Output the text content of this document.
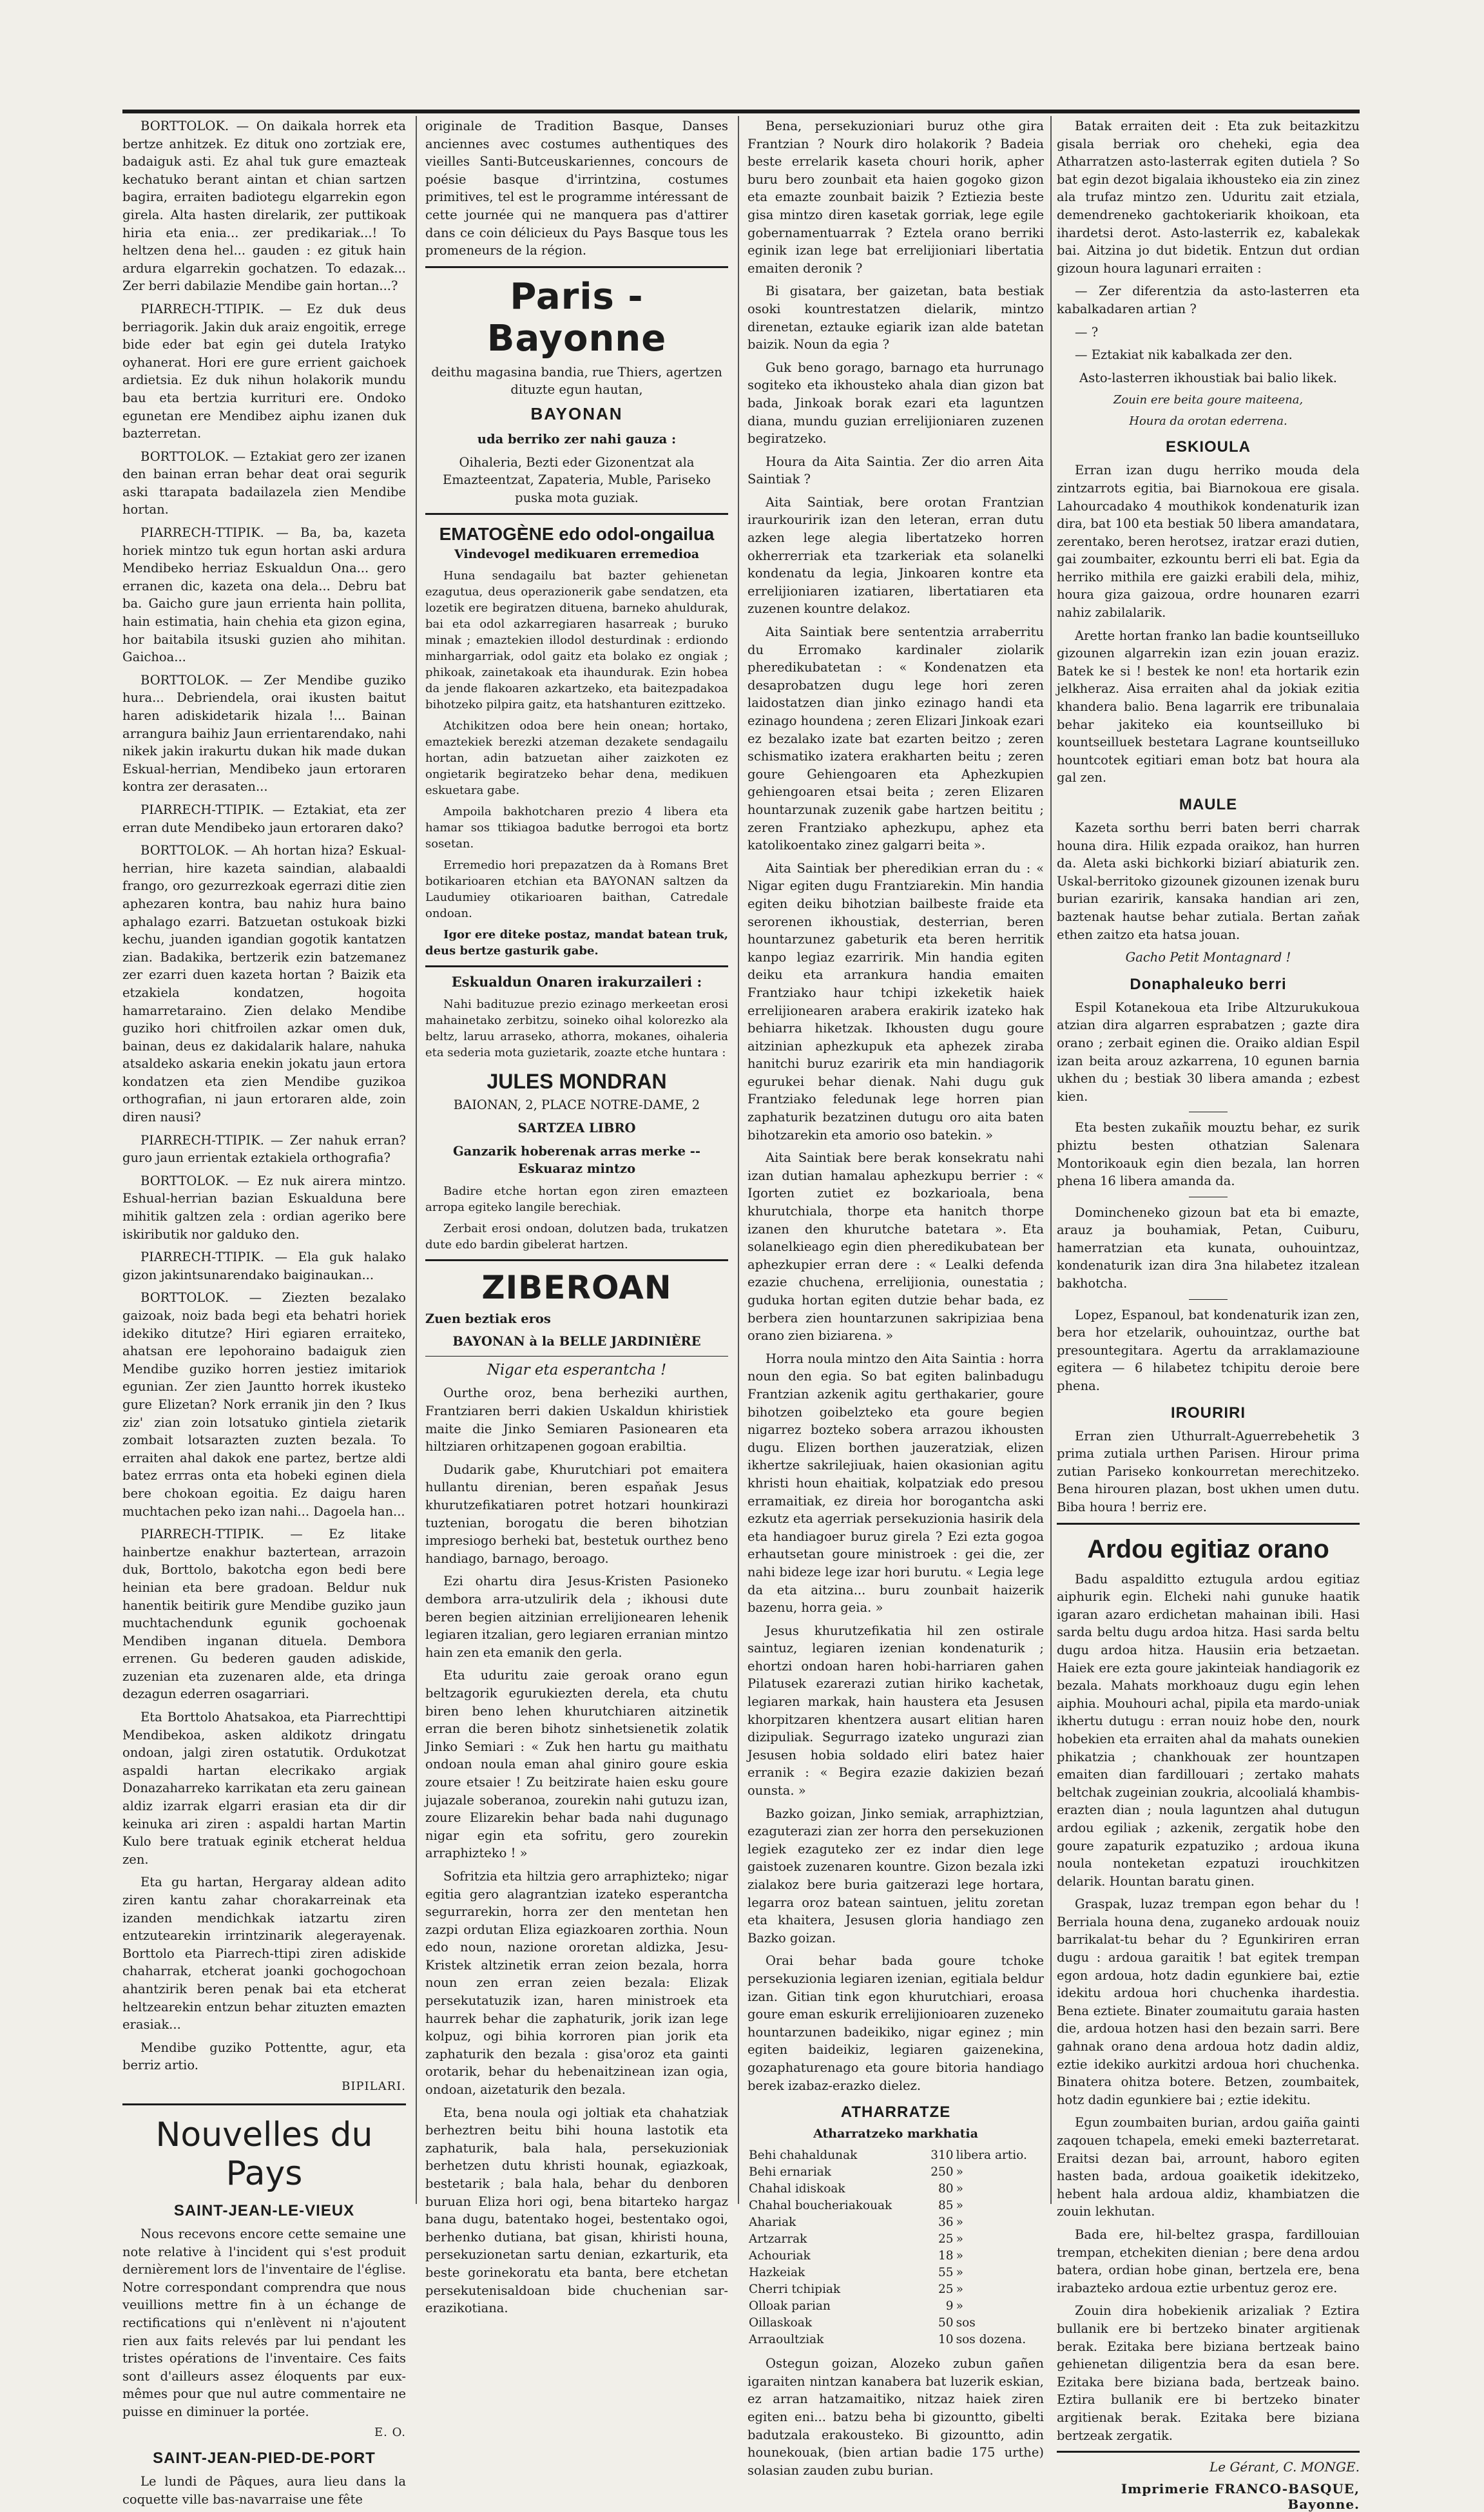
BORTTOLOK. — On daikala horrek eta bertze anhitzek. Ez dituk ono zortziak ere, badaiguk asti. Ez ahal tuk gure emazteak kechatuko berant aintan et chian sartzen bagira, erraiten badiotegu elgarrekin egon girela. Alta hasten direlarik, zer puttikoak hiria eta enia... zer predikariak...! To heltzen dena hel... gauden : ez gituk hain ardura elgarrekin gochatzen. To edazak... Zer berri dabilazie Mendibe gain hortan...?

PIARRECH-TTIPIK. — Ez duk deus berriagorik. Jakin duk araiz engoitik, errege bide eder bat egin gei dutela Iratyko oyhanerat. Hori ere gure errient gaichoek ardietsia. Ez duk nihun holakorik mundu bau eta bertzia kurrituri ere. Ondoko egunetan ere Mendibez aiphu izanen duk bazterretan.

BORTTOLOK. — Eztakiat gero zer izanen den bainan erran behar deat orai segurik aski ttarapata badailazela zien Mendibe hortan.

PIARRECH-TTIPIK. — Ba, ba, kazeta horiek mintzo tuk egun hortan aski ardura Mendibeko herriaz Eskualdun Ona... gero erranen dic, kazeta ona dela... Debru bat ba. Gaicho gure jaun errienta hain pollita, hain estimatia, hain chehia eta gizon egina, hor baitabila itsuski guzien aho mihitan. Gaichoa...

BORTTOLOK. — Zer Mendibe guziko hura... Debriendela, orai ikusten baitut haren adiskidetarik hizala !... Bainan arrangura baihiz Jaun errientarendako, nahi nikek jakin irakurtu dukan hik made dukan Eskual-herrian, Mendibeko jaun ertoraren kontra zer derasaten...

PIARRECH-TTIPIK. — Eztakiat, eta zer erran dute Mendibeko jaun ertoraren dako?

BORTTOLOK. — Ah hortan hiza? Eskual-herrian, hire kazeta saindian, alabaaldi frango, oro gezurrezkoak egerrazi ditie zien aphezaren kontra, bau nahiz hura baino aphalago ezarri. Batzuetan ostukoak bizki kechu, juanden igandian gogotik kantatzen zian. Badakika, bertzerik ezin batzemanez zer ezarri duen kazeta hortan ? Baizik eta etzakiela kondatzen, hogoita hamarretaraino. Zien delako Mendibe guziko hori chitfroilen azkar omen duk, bainan, deus ez dakidalarik halare, nahuka atsaldeko askaria enekin jokatu jaun ertora kondatzen eta zien Mendibe guzikoa orthografian, ni jaun ertoraren alde, zoin diren nausi?

PIARRECH-TTIPIK. — Zer nahuk erran? guro jaun errientak eztakiela orthografia?

BORTTOLOK. — Ez nuk airera mintzo. Eshual-herrian bazian Eskualduna bere mihitik galtzen zela : ordian ageriko bere iskiributik nor galduko den.

PIARRECH-TTIPIK. — Ela guk halako gizon jakintsunarendako baiginaukan...

BORTTOLOK. — Ziezten bezalako gaizoak, noiz bada begi eta behatri horiek idekiko ditutze? Hiri egiaren erraiteko, ahatsan ere lepohoraino badaiguk zien Mendibe guziko horren jestiez imitariok egunian. Zer zien Jauntto horrek ikusteko gure Elizetan? Nork erranik jin den ? Ikus ziz' zian zoin lotsatuko gintiela zietarik zombait lotsarazten zuzten bezala. To erraiten ahal dakok ene partez, bertze aldi batez errras onta eta hobeki eginen diela bere chokoan egoitia. Ez daigu haren muchtachen peko izan nahi... Dagoela han...

PIARRECH-TTIPIK. — Ez litake hainbertze enakhur baztertean, arrazoin duk, Borttolo, bakotcha egon bedi bere heinian eta bere gradoan. Beldur nuk hanentik beitirik gure Mendibe guziko jaun muchtachendunk egunik gochoenak Mendiben inganan dituela. Dembora errenen. Gu bederen gauden adiskide, zuzenian eta zuzenaren alde, eta dringa dezagun ederren osagarriari.

Eta Borttolo Ahatsakoa, eta Piarrechttipi Mendibekoa, asken aldikotz dringatu ondoan, jalgi ziren ostatutik. Ordukotzat aspaldi hartan elecrikako argiak Donazaharreko karrikatan eta zeru gainean aldiz izarrak elgarri erasian eta dir dir keinuka ari ziren : aspaldi hartan Martin Kulo bere tratuak eginik etcherat heldua zen.

Eta gu hartan, Hergaray aldean adito ziren kantu zahar chorakarreinak eta izanden mendichkak iatzartu ziren entzutearekin irrintzinarik alegerayenak. Borttolo eta Piarrech-ttipi ziren adiskide chaharrak, etcherat joanki gochogochoan ahantzirik beren penak bai eta etcherat heltzearekin entzun behar zituzten emazten erasiak...

Mendibe guziko Pottentte, agur, eta berriz artio.

BIPILARI.
Nouvelles du Pays
SAINT-JEAN-LE-VIEUX

Nous recevons encore cette semaine une note relative à l'incident qui s'est produit dernièrement lors de l'inventaire de l'église. Notre correspondant comprendra que nous veuillions mettre fin à un échange de rectifications qui n'enlèvent ni n'ajoutent rien aux faits relevés par lui pendant les tristes opérations de l'inventaire. Ces faits sont d'ailleurs assez éloquents par eux-mêmes pour que nul autre commentaire ne puisse en diminuer la portée.

E. O.
SAINT-JEAN-PIED-DE-PORT

Le lundi de Pâques, aura lieu dans la coquette ville bas-navarraise une fête

originale de Tradition Basque, Danses anciennes avec costumes authentiques des vieilles Santi-Butceuskariennes, concours de poésie basque d'irrintzina, costumes primitives, tel est le programme intéressant de cette journée qui ne manquera pas d'attirer dans ce coin délicieux du Pays Basque tous les promeneurs de la région.

Paris - Bayonne

deithu magasina bandia, rue Thiers, agertzen dituzte egun hautan,

BAYONAN

uda berriko zer nahi gauza :

Oihaleria, Bezti eder Gizonentzat ala Emazteentzat, Zapateria, Muble, Pariseko puska mota guziak.

EMATOGÈNE edo odol-ongailua
Vindevogel medikuaren erremedioa

Huna sendagailu bat bazter gehienetan ezagutua, deus operazionerik gabe sendatzen, eta lozetik ere begiratzen dituena, barneko ahuldurak, bai eta odol azkarregiaren hasarreak ; buruko minak ; emaztekien illodol desturdinak : erdiondo minhargarriak, odol gaitz eta bolako ez ongiak ; phikoak, zainetakoak eta ihaundurak. Ezin hobea da jende flakoaren azkartzeko, eta baitezpadakoa bihotzeko pilpira gaitz, eta hatshanturen ezittzeko.

Atchikitzen odoa bere hein onean; hortako, emaztekiek berezki atzeman dezakete sendagailu hortan, adin batzuetan aiher zaizkoten ez ongietarik begiratzeko behar dena, medikuen eskuetara gabe.

Ampoila bakhotcharen prezio 4 libera eta hamar sos ttikiagoa badutke berrogoi eta bortz sosetan.

Erremedio hori prepazatzen da à Romans Bret botikarioaren etchian eta BAYONAN saltzen da Laudumiey otikarioaren baithan, Catredale ondoan.

Igor ere diteke postaz, mandat batean truk, deus bertze gasturik gabe.

Eskualdun Onaren irakurzaileri :

Nahi badituzue prezio ezinago merkeetan erosi mahainetako zerbitzu, soineko oihal kolorezko ala beltz, laruu arraseko, athorra, mokanes, oihaleria eta sederia mota guzietarik, zoazte etche huntara :

JULES MONDRAN

BAIONAN, 2, PLACE NOTRE-DAME, 2

SARTZEA LIBRO

Ganzarik hoberenak arras merke -- Eskuaraz mintzo

Badire etche hortan egon ziren emazteen arropa egiteko langile berechiak.

Zerbait erosi ondoan, dolutzen bada, trukatzen dute edo bardin gibelerat hartzen.

ZIBEROAN

Zuen beztiak eros

BAYONAN à la BELLE JARDINIÈRE

Nigar eta esperantcha !

Ourthe oroz, bena berheziki aurthen, Frantziaren berri dakien Uskaldun khiristiek maite die Jinko Semiaren Pasionearen eta hiltziaren orhitzapenen gogoan erabiltia.

Dudarik gabe, Khurutchiari pot emaitera hullantu direnian, beren espaňak Jesus khurutzefikatiaren potret hotzari hounkirazi tuztenian, borogatu die beren bihotzian impresiogo berheki bat, bestetuk ourthez beno handiago, barnago, beroago.

Ezi ohartu dira Jesus-Kristen Pasioneko dembora arra-utzulirik dela ; ikhousi dute beren begien aitzinian errelijionearen lehenik legiaren itzalian, gero legiaren erranian mintzo hain zen eta emanik den gerla.

Eta uduritu zaie geroak orano egun beltzagorik egurukiezten derela, eta chutu biren beno lehen khurutchiaren aitzinetik erran die beren bihotz sinhetsienetik zolatik Jinko Semiari : « Zuk hen hartu gu maithatu ondoan noula eman ahal giniro goure eskia zoure etsaier ! Zu beitzirate haien esku goure jujazale soberanoa, zourekin nahi gutuzu izan, zoure Elizarekin behar bada nahi dugunago nigar egin eta sofritu, gero zourekin arraphizteko ! »

Sofritzia eta hiltzia gero arraphizteko; nigar egitia gero alagrantzian izateko esperantcha segurrarekin, horra zer den mentetan hen zazpi ordutan Eliza egiazkoaren zorthia. Noun edo noun, nazione ororetan aldizka, Jesu-Kristek altzinetik erran zeion bezala, horra noun zen erran zeien bezala: Elizak persekutatuzik izan, haren ministroek eta haurrek behar die zaphaturik, jorik izan lege kolpuz, ogi bihia korroren pian jorik eta zaphaturik den bezala : gisa'oroz eta gainti orotarik, behar du hebenaitzinean izan ogia, ondoan, aizetaturik den bezala.

Eta, bena noula ogi joltiak eta chahatziak berheztren beitu bihi houna lastotik eta zaphaturik, bala hala, persekuzioniak berhetzen dutu khristi hounak, egiazkoak, bestetarik ; bala hala, behar du denboren buruan Eliza hori ogi, bena bitarteko hargaz bana dugu, batentako hogei, bestentako ogoi, berhenko dutiana, bat gisan, khiristi houna, persekuzionetan sartu denian, ezkarturik, eta beste gorinekoratu eta banta, bere etchetan persekutenisaldoan bide chuchenian sar-erazikotiana.

Bena, persekuzioniari buruz othe gira Frantzian ? Nourk diro holakorik ? Badeia beste errelarik kaseta chouri horik, apher buru bero zounbait eta haien gogoko gizon eta emazte zounbait baizik ? Eztiezia beste gisa mintzo diren kasetak gorriak, lege egile gobernamentuarrak ? Eztela orano berriki eginik izan lege bat errelijioniari libertatia emaiten deronik ?

Bi gisatara, ber gaizetan, bata bestiak osoki kountrestatzen dielarik, mintzo direnetan, eztauke egiarik izan alde batetan baizik. Noun da egia ?

Guk beno gorago, barnago eta hurrunago sogiteko eta ikhousteko ahala dian gizon bat bada, Jinkoak borak ezari eta laguntzen diana, mundu guzian errelijioniaren zuzenen begiratzeko.

Houra da Aita Saintia. Zer dio arren Aita Saintiak ?

Aita Saintiak, bere orotan Frantzian iraurkouririk izan den leteran, erran dutu azken lege alegia libertatzeko horren okherrerriak eta tzarkeriak eta solanelki kondenatu da legia, Jinkoaren kontre eta errelijioniaren izatiaren, libertatiaren eta zuzenen kountre delakoz.

Aita Saintiak bere sententzia arraberritu du Erromako kardinaler ziolarik pheredikubatetan : « Kondenatzen eta desaprobatzen dugu lege hori zeren laidostatzen dian jinko ezinago handi eta ezinago houndena ; zeren Elizari Jinkoak ezari ez bezalako izate bat ezarten beitzo ; zeren schismatiko izatera erakharten beitu ; zeren goure Gehiengoaren eta Aphezkupien gehiengoaren etsai beita ; zeren Elizaren hountarzunak zuzenik gabe hartzen beititu ; zeren Frantziako aphezkupu, aphez eta katolikoentako zinez galgarri beita ».

Aita Saintiak ber pheredikian erran du : « Nigar egiten dugu Frantziarekin. Min handia egiten deiku bihotzian bailbeste fraide eta serorenen ikhoustiak, desterrian, beren hountarzunez gabeturik eta beren herritik kanpo legiaz ezarririk. Min handia egiten deiku eta arrankura handia emaiten Frantziako haur tchipi izkeketik haiek errelijionearen arabera erakirik izateko hak behiarra hiketzak. Ikhousten dugu goure aitzinian aphezkupuk eta aphezek ziraba hanitchi buruz ezaririk eta min handiagorik egurukei behar dienak. Nahi dugu guk Frantziako feledunak lege horren pian zaphaturik bezatzinen dutugu oro aita baten bihotzarekin eta amorio oso batekin. »

Aita Saintiak bere berak konsekratu nahi izan dutian hamalau aphezkupu berrier : « Igorten zutiet ez bozkarioala, bena khurutchiala, thorpe eta hanitch thorpe izanen den khurutche batetara ». Eta solanelkieago egin dien pheredikubatean ber aphezkupier erran dere : « Lealki defenda ezazie chuchena, errelijionia, ounestatia ; guduka hortan egiten dutzie behar bada, ez berbera zien hountarzunen sakripiziaa bena orano zien biziarena. »

Horra noula mintzo den Aita Saintia : horra noun den egia. So bat egiten balinbadugu Frantzian azkenik agitu gerthakarier, goure bihotzen goibelzteko eta goure begien nigarrez bozteko sobera arrazou ikhousten dugu. Elizen borthen jauzeratziak, elizen ikhertze sakrilejiuak, haien okasionian agitu khristi houn ehaitiak, kolpatziak edo presou erramaitiak, ez direia hor borogantcha aski ezkutz eta agerriak persekuzionia hasirik dela eta handiagoer buruz girela ? Ezi ezta gogoa erhautsetan goure ministroek : gei die, zer nahi bideze lege izar hori burutu. « Legia lege da eta aitzina... buru zounbait haizerik bazenu, horra geia. »

Jesus khurutzefikatia hil zen ostirale saintuz, legiaren izenian kondenaturik ; ehortzi ondoan haren hobi-harriaren gahen Pilatusek ezarerazi zutian hiriko kachetak, legiaren markak, hain haustera eta Jesusen khorpitzaren khentzera ausart elitian haren dizipuliak. Segurrago izateko ungurazi zian Jesusen hobia soldado eliri batez haier erranik : « Begira ezazie dakizien bezań ounsta. »

Bazko goizan, Jinko semiak, arraphiztzian, ezaguterazi zian zer horra den persekuzionen legiek ezaguteko zer ez indar dien lege gaistoek zuzenaren kountre. Gizon bezala izki zialakoz bere buria gaitzerazi lege hortara, legarra oroz batean saintuen, jelitu zoretan eta khaitera, Jesusen gloria handiago zen Bazko goizan.

Orai behar bada goure tchoke persekuzionia legiaren izenian, egitiala beldur izan. Gitian tink egon khurutchiari, eroasa goure eman eskurik errelijionioaren zuzeneko hountarzunen badeikiko, nigar eginez ; min egiten baideikiz, legiaren gaizenekina, gozaphaturenago eta goure bitoria handiago berek izabaz-erazko dielez.

ATHARRATZE
Atharratzeko markhatia
Behi chahaldunak	310	libera artio.
Behi ernariak	250	»
Chahal idiskoak	80	»
Chahal boucheriakouak	85	»
Ahariak	36	»
Artzarrak	25	»
Achouriak	18	»
Hazkeiak	55	»
Cherri tchipiak	25	»
Olloak parian	9	»
Oillaskoak	50	sos
Arraoultziak	10	sos dozena.

Ostegun goizan, Alozeko zubun gañen igaraiten nintzan kanabera bat luzerik eskian, ez arran hatzamaitiko, nitzaz haiek ziren egiten eni... batzu beha bi gizountto, gibelti badutzala erakousteko. Bi gizountto, adin hounekouak, (bien artian badie 175 urthe) solasian zauden zubu burian.

Batak erraiten deit : Eta zuk beitazkitzu gisala berriak oro cheheki, egia dea Atharratzen asto-lasterrak egiten dutiela ? So bat egin dezot bigalaia ikhousteko eia zin zinez ala trufaz mintzo zen. Uduritu zait etziala, demendreneko gachtokeriarik khoikoan, eta ihardetsi derot. Asto-lasterrik ez, kabalekak bai. Aitzina jo dut bidetik. Entzun dut ordian gizoun houra lagunari erraiten :

— Zer diferentzia da asto-lasterren eta kabalkadaren artian ?

— ?

— Eztakiat nik kabalkada zer den.

Asto-lasterren ikhoustiak bai balio likek.

Zouin ere beita goure maiteena,

Houra da orotan ederrena.

ESKIOULA

Erran izan dugu herriko mouda dela zintzarrots egitia, bai Biarnokoua ere gisala. Lahourcadako 4 mouthikok kondenaturik izan dira, bat 100 eta bestiak 50 libera amandatara, zerentako, beren herotsez, iratzar erazi dutien, gai zoumbaiter, ezkountu berri eli bat. Egia da herriko mithila ere gaizki erabili dela, mihiz, houra giza gaizoua, ordre hounaren ezarri nahiz zabilalarik.

Arette hortan franko lan badie kountseilluko gizounen algarrekin izan ezin jouan eraziz. Batek ke si ! bestek ke non! eta hortarik ezin jelkheraz. Aisa erraiten ahal da jokiak ezitia khandera balio. Bena lagarrik ere tribunalaia behar jakiteko eia kountseilluko bi kountseilluek bestetara Lagrane kountseilluko hountcotek egitiari eman botz bat houra ala gal zen.

MAULE

Kazeta sorthu berri baten berri charrak houna dira. Hilik ezpada oraikoz, han hurren da. Aleta aski bichkorki biziarí abiaturik zen. Uskal-berritoko gizounek gizounen izenak buru burian ezaririk, kansaka handian ari zen, baztenak hautse behar zutiala. Bertan zaňak ethen zaitzo eta hatsa jouan.

Gacho Petit Montagnard !

Donaphaleuko berri

Espil Kotanekoua eta Iribe Altzurukukoua atzian dira algarren esprabatzen ; gazte dira orano ; zerbait eginen die. Oraiko aldian Espil izan beita arouz azkarrena, 10 egunen barnia ukhen du ; bestiak 30 libera amanda ; ezbest kien.

Eta besten zukañik mouztu behar, ez surik phiztu besten othatzian Salenara Montorikoauk egin dien bezala, lan horren phena 16 libera amanda da.

Domincheneko gizoun bat eta bi emazte, arauz ja bouhamiak, Petan, Cuiburu, hamerratzian eta kunata, ouhouintzaz, kondenaturik izan dira 3na hilabetez itzalean bakhotcha.

Lopez, Espanoul, bat kondenaturik izan zen, bera hor etzelarik, ouhouintzaz, ourthe bat presountegitara. Agertu da arraklamazioune egitera — 6 hilabetez tchipitu deroie bere phena.

IROURIRI

Erran zien Uthurralt-Aguerrebehetik 3 prima zutiala urthen Parisen. Hirour prima zutian Pariseko konkourretan merechitzeko. Bena hirouren plazan, bost ukhen umen dutu. Biba houra ! berriz ere.

Ardou egitiaz orano

Badu aspalditto eztugula ardou egitiaz aiphurik egin. Elcheki nahi gunuke haatik igaran azaro erdichetan mahainan ibili. Hasi sarda beltu dugu ardoa hitza. Hasi sarda beltu dugu ardoa hitza. Hausiin eria betzaetan. Haiek ere ezta goure jakinteiak handiagorik ez bezala. Mahats morkhoauz dugu egin lehen aiphia. Mouhouri achal, pipila eta mardo-uniak ikhertu dutugu : erran nouiz hobe den, nourk hobekien eta erraiten ahal da mahats ounekien phikatzia ; chankhouak zer hountzapen emaiten dian fardillouari ; zertako mahats beltchak zugeinian zoukria, alcoolialá khambis-erazten dian ; noula laguntzen ahal dutugun ardou egiliak ; azkenik, zergatik hobe den goure zapaturik ezpatuziko ; ardoua ikuna noula nonteketan ezpatuzi irouchkitzen delarik. Hountan baratu ginen.

Graspak, luzaz trempan egon behar du ! Berriala houna dena, zuganeko ardouak nouiz barrikalat-tu behar du ? Egunkiriren erran dugu : ardoua garaitik ! bat egitek trempan egon ardoua, hotz dadin egunkiere bai, eztie idekitu ardoua hori chuchenka ihardestia. Bena eztiete. Binater zoumaitutu garaia hasten die, ardoua hotzen hasi den bezain sarri. Bere gahnak orano dena ardoua hotz dadin aldiz, eztie idekiko aurkitzi ardoua hori chuchenka. Binatera ohitza botere. Betzen, zoumbaitek, hotz dadin egunkiere bai ; eztie idekitu.

Egun zoumbaiten burian, ardou gaiña gainti zaqouen tchapela, emeki emeki bazterretarat. Eraitsi dezan bai, arrount, haboro egiten hasten bada, ardoua goaiketik idekitzeko, hebent hala ardoua aldiz, khambiatzen die zouin lekhutan.

Bada ere, hil-beltez graspa, fardillouian trempan, etchekiten dienian ; bere dena ardou batera, ordian hobe ginan, bertzela ere, bena irabazteko ardoua eztie urbentuz geroz ere.

Zouin dira hobekienik arizaliak ? Eztira bullanik ere bi bertzeko binater argitienak berak. Ezitaka bere biziana bertzeak baino gehienetan diligentzia bera da esan bere. Ezitaka bere biziana bada, bertzeak baino. Eztira bullanik ere bi bertzeko binater argitienak berak. Ezitaka bere biziana bertzeak zergatik.

Le Gérant, C. MONGE.
Imprimerie FRANCO-BASQUE, Bayonne.
